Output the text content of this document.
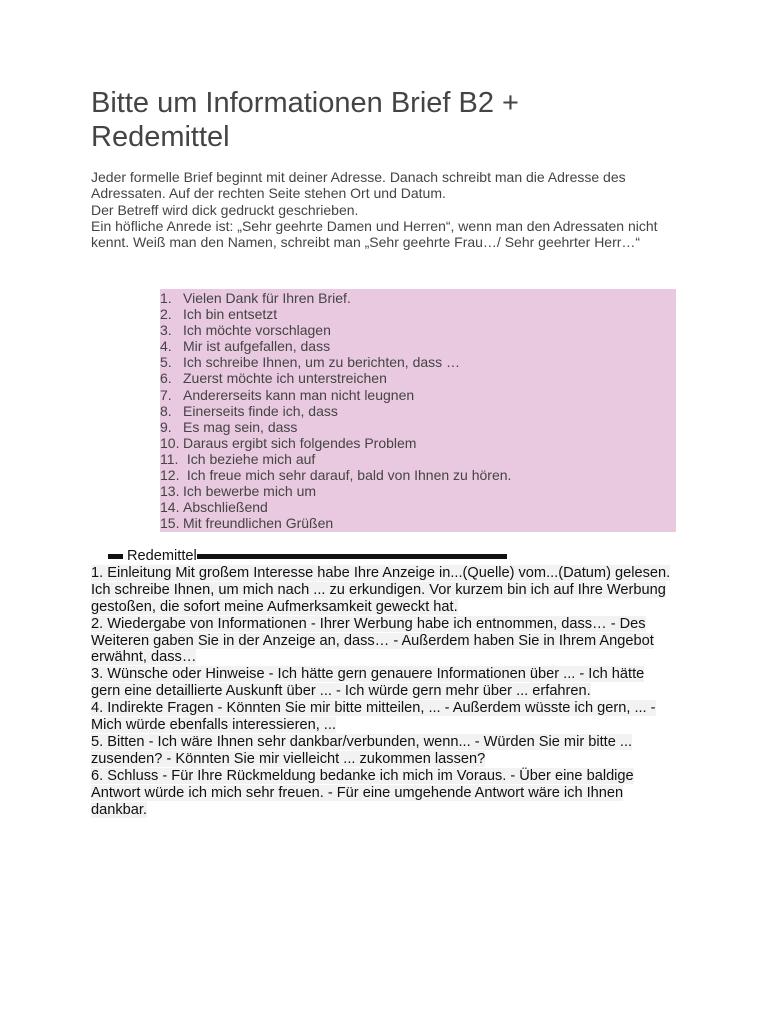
Bitte um Informationen Brief B2 + Redemittel

Jeder formelle Brief beginnt mit deiner Adresse. Danach schreibt man die Adresse des Adressaten. Auf der rechten Seite stehen Ort und Datum.

Der Betreff wird dick gedruckt geschrieben.

Ein höfliche Anrede ist: „Sehr geehrte Damen und Herren“, wenn man den Adressaten nicht kennt. Weiß man den Namen, schreibt man „Sehr geehrte Frau…/ Sehr geehrter Herr…“

1. Vielen Dank für Ihren Brief.
2. Ich bin entsetzt
3. Ich möchte vorschlagen
4. Mir ist aufgefallen, dass
5. Ich schreibe Ihnen, um zu berichten, dass …
6. Zuerst möchte ich unterstreichen
7. Andererseits kann man nicht leugnen
8. Einerseits finde ich, dass
9. Es mag sein, dass
10. Daraus ergibt sich folgendes Problem
11. Ich beziehe mich auf
12. Ich freue mich sehr darauf, bald von Ihnen zu hören.
13. Ich bewerbe mich um
14. Abschließend
15. Mit freundlichen Grüßen
Redemittel

1. Einleitung Mit großem Interesse habe Ihre Anzeige in...(Quelle) vom...(Datum) gelesen. Ich schreibe Ihnen, um mich nach ... zu erkundigen. Vor kurzem bin ich auf Ihre Werbung gestoßen, die sofort meine Aufmerksamkeit geweckt hat.

2. Wiedergabe von Informationen - Ihrer Werbung habe ich entnommen, dass… - Des Weiteren gaben Sie in der Anzeige an, dass… - Außerdem haben Sie in Ihrem Angebot erwähnt, dass…

3. Wünsche oder Hinweise - Ich hätte gern genauere Informationen über ... - Ich hätte gern eine detaillierte Auskunft über ... - Ich würde gern mehr über ... erfahren.

4. Indirekte Fragen - Könnten Sie mir bitte mitteilen, ... - Außerdem wüsste ich gern, ... - Mich würde ebenfalls interessieren, ...

5. Bitten - Ich wäre Ihnen sehr dankbar/verbunden, wenn... - Würden Sie mir bitte ... zusenden? - Könnten Sie mir vielleicht ... zukommen lassen?

6. Schluss - Für Ihre Rückmeldung bedanke ich mich im Voraus. - Über eine baldige Antwort würde ich mich sehr freuen. - Für eine umgehende Antwort wäre ich Ihnen dankbar.
